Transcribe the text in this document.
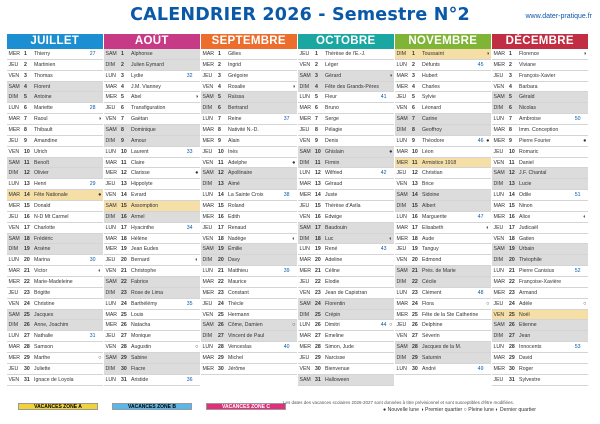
CALENDRIER 2026 - Semestre N°2	www.dater-pratique.fr
JUILLET
MER 1 Thierry	27
JEU	2 Martinien
VEN 3 Thomas
SAM 4 Florent
DIM	5 Antoine
LUN 6 Mariette	28
MAR 7 Raoul	◑
MER 8 Thibault
JEU	9 Amandine
VEN 10 Ulrich
SAM 11 Benoît
DIM	12 Olivier
LUN 13 Henri	29
MAR 14 Fête Nationale	●
MER 15 Donald
JEU	16 N-D Mt Carmel
VEN 17 Charlotte
SAM 18 Frédéric
DIM	19 Arsène
LUN 20 Marina	30
MAR 21 Victor	◐
MER 22 Marie-Madeleine
JEU	23 Brigitte
VEN 24 Christine
SAM 25 Jacques
DIM	26 Anne, Joachim
LUN 27 Nathalie	31
MAR 28 Samson
MER 29 Marthe	○
JEU	30 Juliette
VEN 31 Ignace de Loyola
AOÛT
SAM 1 Alphonse
DIM	2 Julien Eymard
LUN 3 Lydie	32
MAR 4 J.M. Vianney
MER 5 Abel	◑
JEU	6 Transfiguration
VEN 7 Gaëtan
SAM 8 Dominique
DIM	9 Amour
LUN 10 Laurent	33
MAR 11 Claire
MER 12 Clarisse	●
JEU	13 Hippolyte
VEN 14 Evrard
SAM 15 Assomption
DIM	16 Armel
LUN 17 Hyacinthe	34
MAR 18 Hélène
MER 19 Jean Eudes
JEU	20 Bernard	◐
VEN 21 Christophe
SAM 22 Fabrice
DIM	23 Rose de Lima
LUN 24 Barthélémy	35
MAR 25 Louis
MER 26 Natacha
JEU	27 Monique
VEN 28 Augustin	○
SAM 29 Sabine
DIM	30 Fiacre
LUN 31 Aristide	36
SEPTEMBRE
MAR 1 Gilles
MER 2 Ingrid
JEU	3 Grégoire
VEN 4 Rosalie	◑
SAM 5 Raïssa
DIM	6 Bertrand
LUN 7 Reine	37
MAR 8 Nativité N.-D.
MER 9 Alain
JEU	10 Inès
VEN 11 Adelphe	●
SAM 12 Apollinaire
DIM	13 Aimé
LUN 14 La Sainte Croix	38
MAR 15 Roland
MER 16 Edith
JEU	17 Renaud
VEN 18 Nadège	◐
SAM 19 Émilie
DIM	20 Davy
LUN 21 Matthieu	39
MAR 22 Maurice
MER 23 Constant
JEU	24 Thècle
VEN 25 Hermann
SAM 26 Côme, Damien	○
DIM	27 Vincent de Paul
LUN 28 Venceslas	40
MAR 29 Michel
MER 30 Jérôme
OCTOBRE
JEU	1 Thérèse de l'E.-J.
VEN 2 Léger
SAM 3 Gérard	◑
DIM	4 Fête des Grands-Pères
LUN 5 Fleur	41
MAR 6 Bruno
MER 7 Serge
JEU	8 Pélagie
VEN 9 Denis
SAM 10 Ghislain	●
DIM	11 Firmin
LUN 12 Wilfried	42
MAR 13 Géraud
MER 14 Juste
JEU	15 Thérèse d'Avila
VEN 16 Edwige
SAM 17 Baudouin
DIM	18 Luc	◐
LUN 19 René	43
MAR 20 Adeline
MER 21 Céline
JEU	22 Elodie
VEN 23 Jean de Capistran
SAM 24 Florentin
DIM	25 Crépin
LUN 26 Dimitri	44 ○
MAR 27 Emeline
MER 28 Simon, Jude
JEU	29 Narcisse
VEN 30 Bienvenue
SAM 31 Halloween
NOVEMBRE
DIM	1 Toussaint	◑
LUN 2 Défunts	45
MAR 3 Hubert
MER 4 Charles
JEU	5 Sylvie
VEN 6 Léonard
SAM 7 Carine
DIM	8 Geoffroy
LUN 9 Théodore	46 ●
MAR 10 Léon
MER 11 Armistice 1918
JEU	12 Christian
VEN 13 Brice
SAM 14 Sidoine
DIM	15 Albert
LUN 16 Marguerite	47
MAR 17 Elisabeth	◐
MER 18 Aude
JEU	19 Tanguy
VEN 20 Edmond
SAM 21 Prés. de Marie
DIM	22 Cécile
LUN 23 Clément	48
MAR 24 Flora	○
MER 25 Fête de la Ste Catherine
JEU	26 Delphine
VEN 27 Séverin
SAM 28 Jacques de la M.
DIM	29 Saturnin
LUN 30 André	49
DÉCEMBRE
MAR 1 Florence	◑
MER 2 Viviane
JEU	3 François-Xavier
VEN 4 Barbara
SAM 5 Gérald
DIM	6 Nicolas
LUN 7 Ambroise	50
MAR 8 Imm. Conception
MER 9 Pierre Fourier	●
JEU	10 Romaric
VEN 11 Daniel
SAM 12 J.F. Chantal
DIM	13 Lucie
LUN 14 Odile	51
MAR 15 Ninon
MER 16 Alice	◐
JEU	17 Judicaël
VEN 18 Gatien
SAM 19 Urbain
DIM	20 Théophile
LUN 21 Pierre Canisius	52
MAR 22 Françoise-Xavière
MER 23 Armand
JEU	24 Adèle	○
VEN 25 Noël
SAM 26 Etienne
DIM	27 Jean
LUN 28 Innocents	53
MAR 29 David
MER 30 Roger
JEU	31 Sylvestre
VACANCES ZONE A	VACANCES ZONE B	VACANCES ZONE C
Les dates des vacances scolaires 2026-2027 sont données à titre prévisionnel et sont susceptibles d'être modifiées.
● Nouvelle lune ◑ Premier quartier ○ Pleine lune ◐ Dernier quartier
